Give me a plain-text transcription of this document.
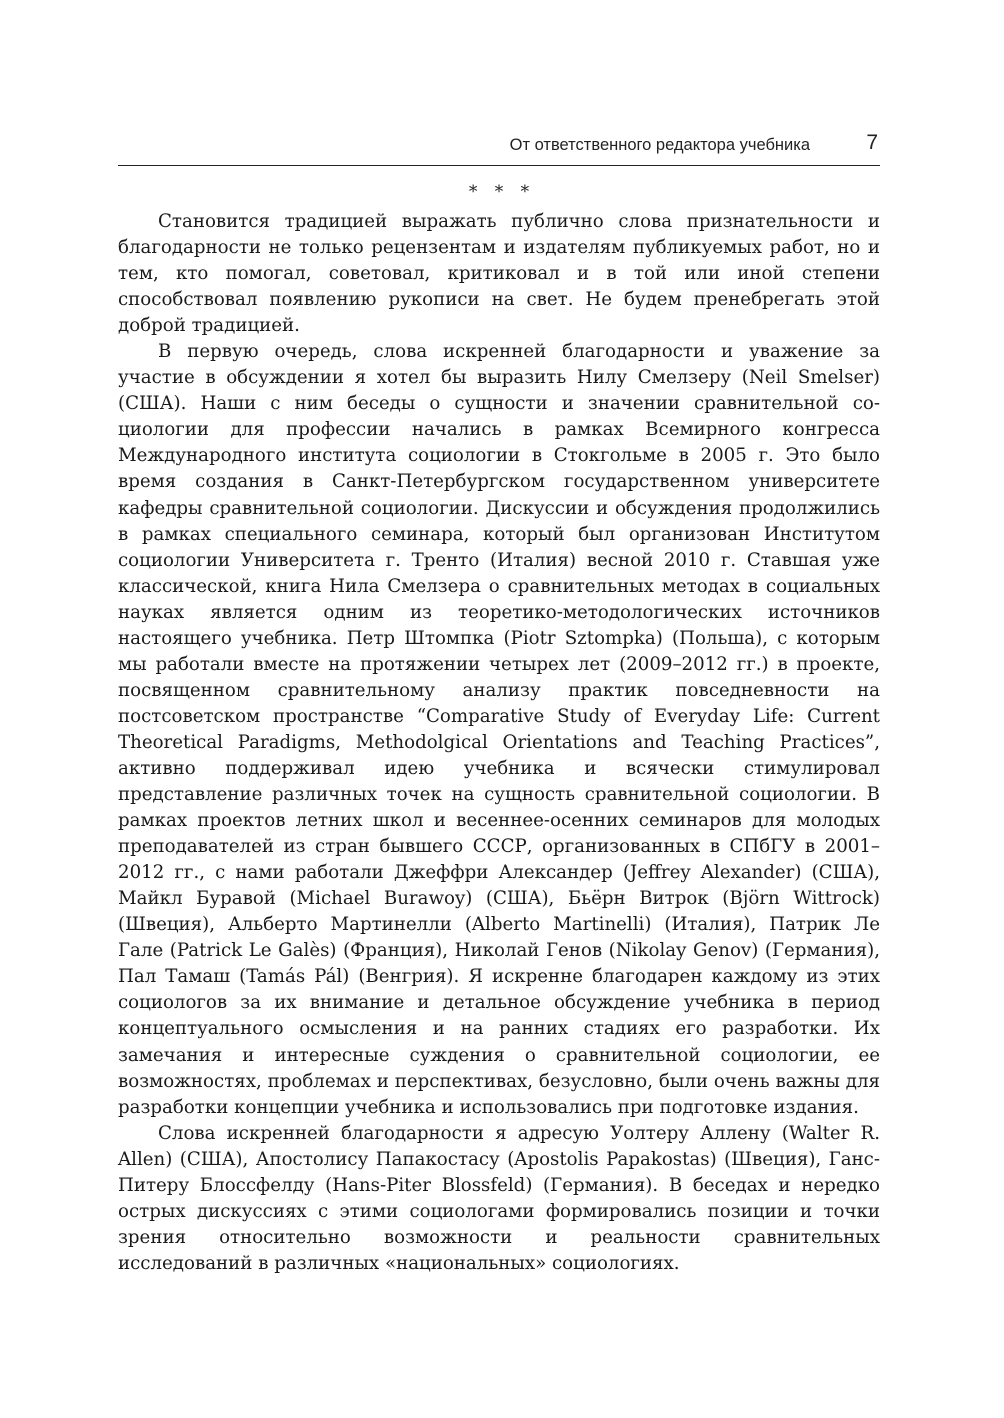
От ответственного редактора учебника	7
* * *

Становится традицией выражать публично слова признательности и благодарности не только рецензентам и издателям публикуемых работ, но и тем, кто помогал, советовал, критиковал и в той или иной степени способствовал появлению рукописи на свет. Не будем пренебрегать этой доброй традицией.

В первую очередь, слова искренней благодарности и уважение за участие в обсуждении я хотел бы выразить Нилу Смелзеру (Neil Smelser) (США). Наши с ним беседы о сущности и значении сравнительной социологии для профессии начались в рамках Всемирного конгресса Международного института социологии в Стокгольме в 2005 г. Это было время создания в Санкт-Петербургском государственном университете кафедры сравнительной социологии. Дискуссии и обсуждения продолжились в рамках специального семинара, который был организован Институтом социологии Университета г. Тренто (Италия) весной 2010 г. Ставшая уже классической, книга Нила Смелзера о сравнительных методах в социальных науках является одним из теоретико-методологических источников настоящего учебника. Петр Штомпка (Piotr Sztompka) (Польша), с которым мы работали вместе на протяжении четырех лет (2009–2012 гг.) в проекте, посвященном сравнительному анализу практик повседневности на постсоветском пространстве “Comparative Study of Everyday Life: Current Theoretical Paradigms, Methodolgical Orientations and Teaching Practices”, активно поддерживал идею учебника и всячески стимулировал представление различных точек на сущность сравнительной социологии. В рамках проектов летних школ и весеннее-осенних семинаров для молодых преподавателей из стран бывшего СССР, организованных в СПбГУ в 2001–2012 гг., с нами работали Джеффри Александер (Jeffrey Alexander) (США), Майкл Буравой (Michael Burawoy) (США), Бьёрн Витрок (Björn Wittrock) (Швеция), Альберто Мартинелли (Alberto Martinelli) (Италия), Патрик Ле Гале (Patrick Le Galès) (Франция), Николай Генов (Nikolay Genov) (Германия), Пал Тамаш (Tamás Pál) (Венгрия). Я искренне благодарен каждому из этих социологов за их внимание и детальное обсуждение учебника в период концептуального осмысления и на ранних стадиях его разработки. Их замечания и интересные суждения о сравнительной социологии, ее возможностях, проблемах и перспективах, безусловно, были очень важны для разработки концепции учебника и использовались при подготовке издания.

Слова искренней благодарности я адресую Уолтеру Аллену (Walter R. Allen) (США), Апостолису Папакостасу (Apostolis Papakostas) (Швеция), Ганс-Питеру Блоссфелду (Hans-Piter Blossfeld) (Германия). В беседах и нередко острых дискуссиях с этими социологами формировались позиции и точки зрения относительно возможности и реальности сравнительных исследований в различных «национальных» социологиях.
